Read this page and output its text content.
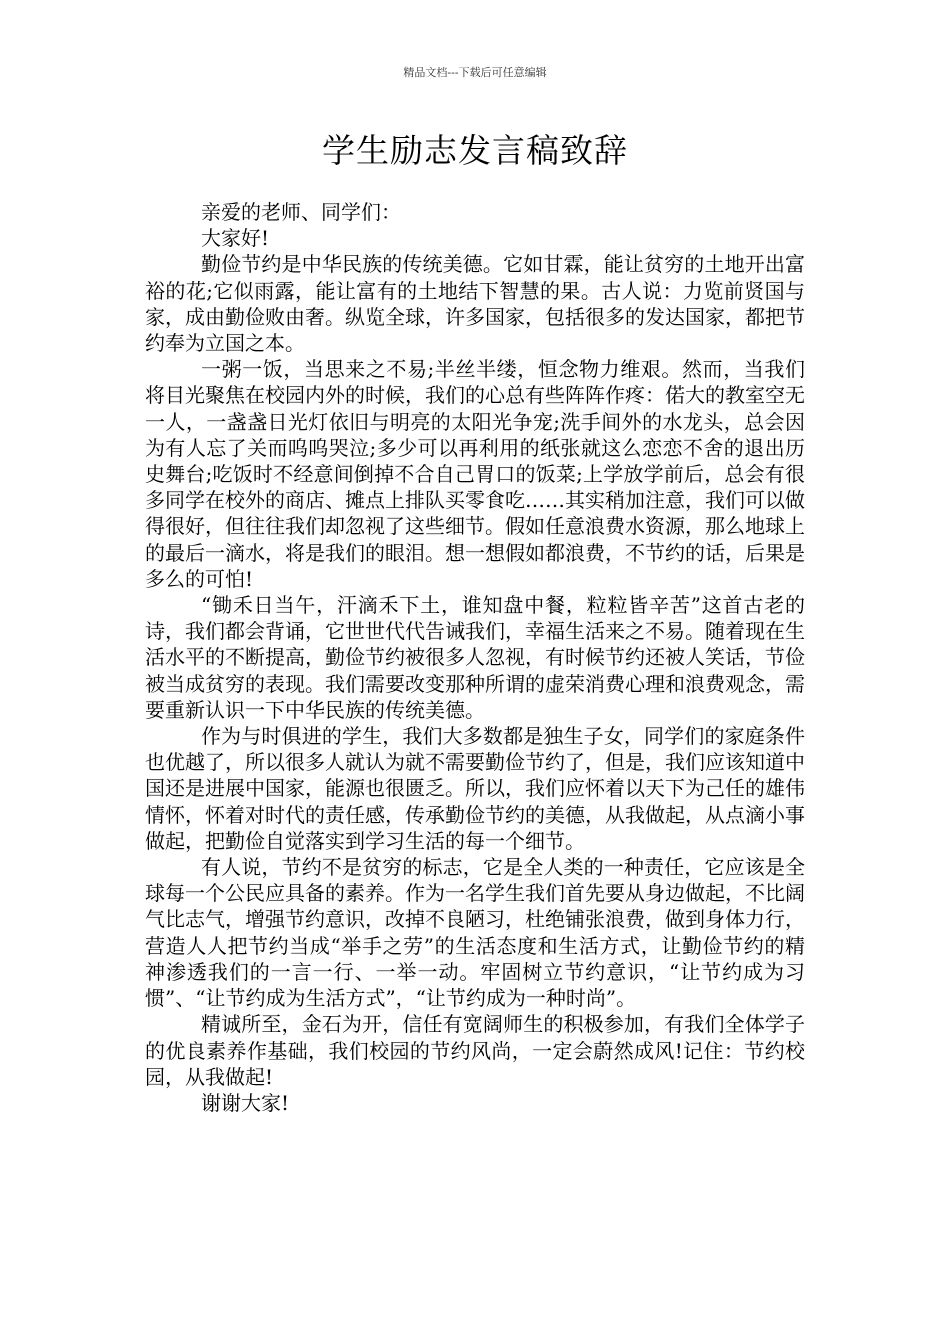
精品文档---下载后可任意编辑
学生励志发言稿致辞

亲爱的老师、同学们：

大家好!

勤俭节约是中华民族的传统美德。它如甘霖，能让贫穷的土地开出富裕的花;它似雨露，能让富有的土地结下智慧的果。古人说：力览前贤国与家，成由勤俭败由奢。纵览全球，许多国家，包括很多的发达国家，都把节约奉为立国之本。

一粥一饭，当思来之不易;半丝半缕，恒念物力维艰。然而，当我们将目光聚焦在校园内外的时候，我们的心总有些阵阵作疼：偌大的教室空无一人，一盏盏日光灯依旧与明亮的太阳光争宠;洗手间外的水龙头，总会因为有人忘了关而呜呜哭泣;多少可以再利用的纸张就这么恋恋不舍的退出历史舞台;吃饭时不经意间倒掉不合自己胃口的饭菜;上学放学前后，总会有很多同学在校外的商店、摊点上排队买零食吃……其实稍加注意，我们可以做得很好，但往往我们却忽视了这些细节。假如任意浪费水资源，那么地球上的最后一滴水，将是我们的眼泪。想一想假如都浪费，不节约的话，后果是多么的可怕!

“锄禾日当午，汗滴禾下土，谁知盘中餐，粒粒皆辛苦”这首古老的诗，我们都会背诵，它世世代代告诫我们，幸福生活来之不易。随着现在生活水平的不断提高，勤俭节约被很多人忽视，有时候节约还被人笑话，节俭被当成贫穷的表现。我们需要改变那种所谓的虚荣消费心理和浪费观念，需要重新认识一下中华民族的传统美德。

作为与时俱进的学生，我们大多数都是独生子女，同学们的家庭条件也优越了，所以很多人就认为就不需要勤俭节约了，但是，我们应该知道中国还是进展中国家，能源也很匮乏。所以，我们应怀着以天下为己任的雄伟情怀，怀着对时代的责任感，传承勤俭节约的美德，从我做起，从点滴小事做起，把勤俭自觉落实到学习生活的每一个细节。

有人说，节约不是贫穷的标志，它是全人类的一种责任，它应该是全球每一个公民应具备的素养。作为一名学生我们首先要从身边做起，不比阔气比志气，增强节约意识，改掉不良陋习，杜绝铺张浪费，做到身体力行，营造人人把节约当成“举手之劳”的生活态度和生活方式，让勤俭节约的精神渗透我们的一言一行、一举一动。牢固树立节约意识，“让节约成为习惯”、“让节约成为生活方式”，“让节约成为一种时尚”。

精诚所至，金石为开，信任有宽阔师生的积极参加，有我们全体学子的优良素养作基础，我们校园的节约风尚，一定会蔚然成风!记住：节约校园，从我做起!

谢谢大家!
